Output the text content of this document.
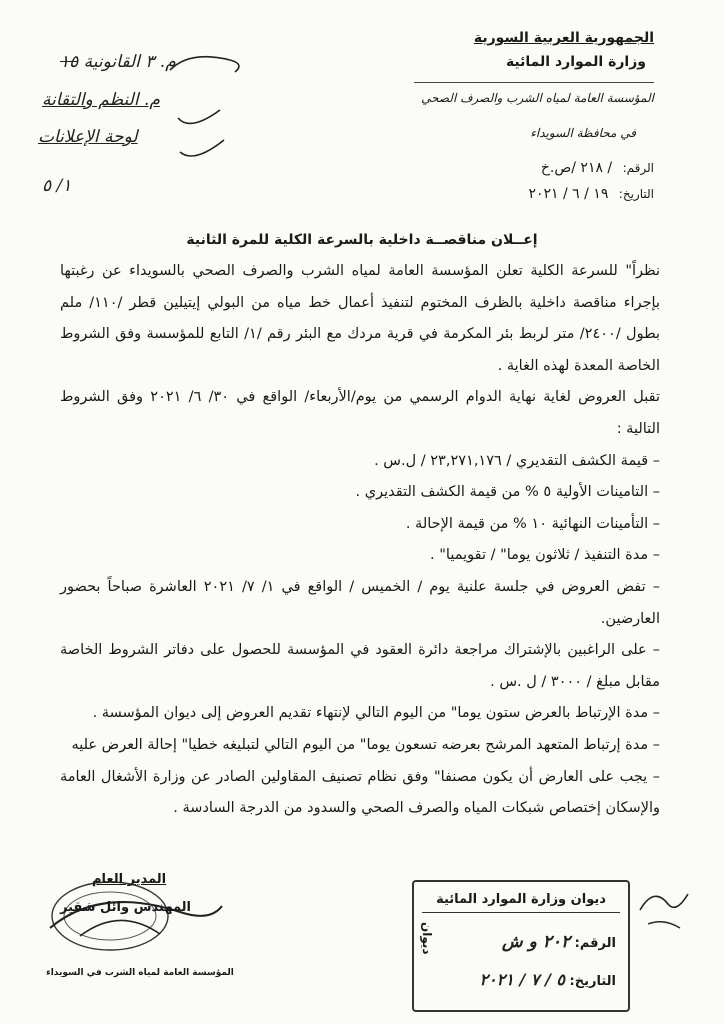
الجمهورية العربية السورية
وزارة الموارد المائية
المؤسسة العامة لمياه الشرب والصرف الصحي
في محافظة السويداء
الرقم: / ٢١٨ /ص.خ
التاريخ: ١٩ / ٦ / ٢٠٢١
م. ٣ القانونية ١٥
م. النظم والتقانة
لوحة الإعلانات
١/ ٥
إعــلان مناقصــة داخلية بالسرعة الكلية للمرة الثانية

نظراً" للسرعة الكلية تعلن المؤسسة العامة لمياه الشرب والصرف الصحي بالسويداء عن رغبتها بإجراء مناقصة داخلية بالظرف المختوم لتنفيذ أعمال خط مياه من البولي إيتيلين قطر /١١٠/ ملم بطول /٢٤٠٠/ متر لربط بئر المكرمة في قرية مردك مع البئر رقم /١/ التابع للمؤسسة وفق الشروط الخاصة المعدة لهذه الغاية .

تقبل العروض لغاية نهاية الدوام الرسمي من يوم/الأربعاء/ الواقع في ٣٠/ ٦/ ٢٠٢١ وفق الشروط التالية :

– قيمة الكشف التقديري / ٢٣,٢٧١,١٧٦ / ل.س .

– التامينات الأولية ٥ % من قيمة الكشف التقديري .

– التأمينات النهائية ١٠ % من قيمة الإحالة .

– مدة التنفيذ / ثلاثون يوما" / تقويميا" .

– تفض العروض في جلسة علنية يوم / الخميس / الواقع في ١/ ٧/ ٢٠٢١ العاشرة صباحاً بحضور العارضين.

– على الراغبين بالإشتراك مراجعة دائرة العقود في المؤسسة للحصول على دفاتر الشروط الخاصة مقابل مبلغ / ٣٠٠٠ / ل .س .

– مدة الإرتباط بالعرض ستون يوما" من اليوم التالي لإنتهاء تقديم العروض إلى ديوان المؤسسة .

– مدة إرتباط المتعهد المرشح بعرضه تسعون يوما" من اليوم التالي لتبليغه خطيا" إحالة العرض عليه

– يجب على العارض أن يكون مصنفا" وفق نظام تصنيف المقاولين الصادر عن وزارة الأشغال العامة والإسكان إختصاص شبكات المياه والصرف الصحي والسدود من الدرجة السادسة .

المدير العام
المهندس وائل شقير
المؤسسة العامة لمياه الشرب في السويداء
ديوان وزارة الموارد المائية
الرقم: ٢٠٢ و ش
التاريخ: ٥ / ٧ / ٢٠٢١
ديوان
